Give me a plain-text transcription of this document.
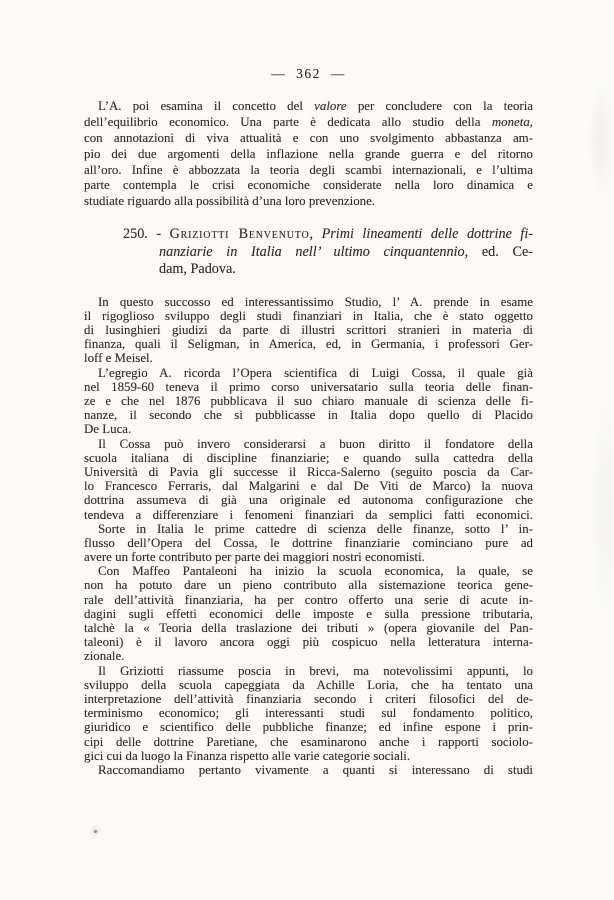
— 362 —
L’A. poi esamina il concetto del valore per concludere con la teoria
dell’equilibrio economico. Una parte è dedicata allo studio della moneta,
con annotazioni di viva attualità e con uno svolgimento abbastanza am-
pio dei due argomenti della inflazione nella grande guerra e del ritorno
all’oro. Infine è abbozzata la teoria degli scambi internazionali, e l’ultima
parte contempla le crisi economiche considerate nella loro dinamica e
studiate riguardo alla possibilità d’una loro prevenzione.
250. - Griziotti Benvenuto, Primi lineamenti delle dottrine fi-
nanziarie in Italia nell’ ultimo cinquantennio, ed. Ce-
dam, Padova.
In questo succosso ed interessantissimo Studio, l’ A. prende in esame
il rigoglioso sviluppo degli studi finanziari in Italia, che è stato oggetto
di lusinghieri giudizi da parte di illustri scrittori stranieri in materia di
finanza, quali il Seligman, in America, ed, in Germania, i professori Ger-
loff e Meisel.
L’egregio A. ricorda l’Opera scientifica di Luigi Cossa, il quale già
nel 1859-60 teneva il primo corso universatario sulla teoria delle finan-
ze e che nel 1876 pubblicava il suo chiaro manuale di scienza delle fi-
nanze, il secondo che si pubblicasse in Italia dopo quello di Placido
De Luca.
Il Cossa può invero considerarsi a buon diritto il fondatore della
scuola italiana di discipline finanziarie; e quando sulla cattedra della
Università di Pavia gli successe il Ricca-Salerno (seguito poscia da Car-
lo Francesco Ferraris, dal Malgarini e dal De Viti de Marco) la nuova
dottrina assumeva di già una originale ed autonoma configurazione che
tendeva a differenziare i fenomeni finanziari da semplici fatti economici.
Sorte in Italia le prime cattedre di scienza delle finanze, sotto l’ in-
flusso dell’Opera del Cossa, le dottrine finanziarie cominciano pure ad
avere un forte contributo per parte dei maggiori nostri economisti.
Con Maffeo Pantaleoni ha inizio la scuola economica, la quale, se
non ha potuto dare un pieno contributo alla sistemazione teorica gene-
rale dell’attività finanziaria, ha per contro offerto una serie di acute in-
dagini sugli effetti economici delle imposte e sulla pressione tributaria,
talchè la « Teoria della traslazione dei tributi » (opera giovanile del Pan-
taleoni) è il lavoro ancora oggi più cospicuo nella letteratura interna-
zionale.
Il Griziotti riassume poscia in brevi, ma notevolissimi appunti, lo
sviluppo della scuola capeggiata da Achille Loria, che ha tentato una
interpretazione dell’attività finanziaria secondo i criteri filosofici del de-
terminismo economico; gli interessanti studi sul fondamento politico,
giuridico e scientifico delle pubbliche finanze; ed infine espone i prin-
cipi delle dottrine Paretiane, che esaminarono anche i rapporti sociolo-
gici cui da luogo la Finanza rispetto alle varie categorie sociali.
Raccomandiamo pertanto vivamente a quanti si interessano di studi
